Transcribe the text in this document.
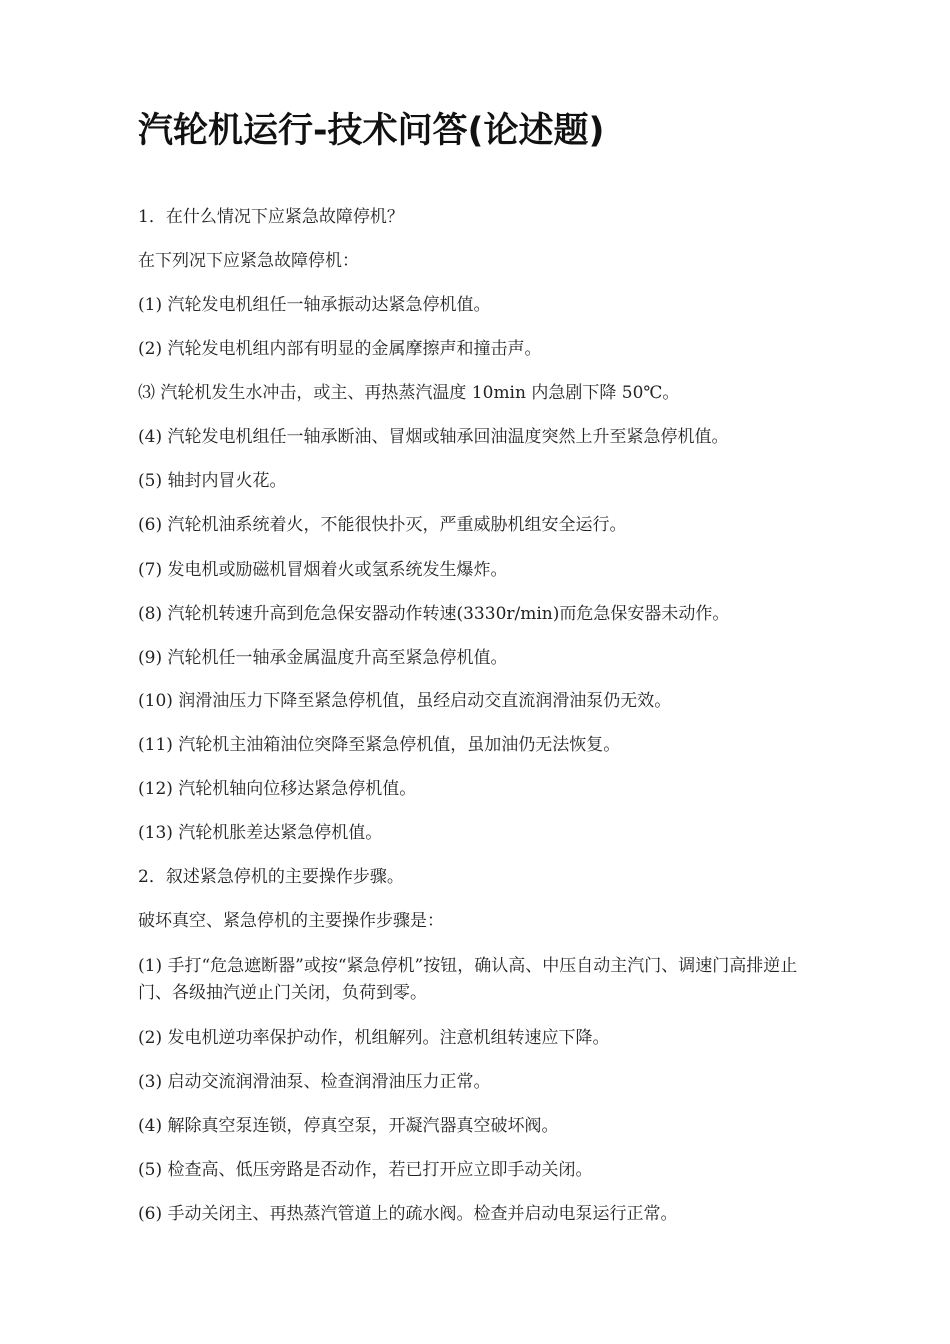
汽轮机运行-技术问答(论述题)

1．在什么情况下应紧急故障停机？

在下列况下应紧急故障停机：

(1) 汽轮发电机组任一轴承振动达紧急停机值。

(2) 汽轮发电机组内部有明显的金属摩擦声和撞击声。

⑶ 汽轮机发生水冲击，或主、再热蒸汽温度 10min 内急剧下降 50℃。

(4) 汽轮发电机组任一轴承断油、冒烟或轴承回油温度突然上升至紧急停机值。

(5) 轴封内冒火花。

(6) 汽轮机油系统着火，不能很快扑灭，严重威胁机组安全运行。

(7) 发电机或励磁机冒烟着火或氢系统发生爆炸。

(8) 汽轮机转速升高到危急保安器动作转速(3330r/min)而危急保安器未动作。

(9) 汽轮机任一轴承金属温度升高至紧急停机值。

(10) 润滑油压力下降至紧急停机值，虽经启动交直流润滑油泵仍无效。

(11) 汽轮机主油箱油位突降至紧急停机值，虽加油仍无法恢复。

(12) 汽轮机轴向位移达紧急停机值。

(13) 汽轮机胀差达紧急停机值。

2．叙述紧急停机的主要操作步骤。

破坏真空、紧急停机的主要操作步骤是：

(1) 手打“危急遮断器”或按“紧急停机”按钮，确认高、中压自动主汽门、调速门高排逆止门、各级抽汽逆止门关闭，负荷到零。

(2) 发电机逆功率保护动作，机组解列。注意机组转速应下降。

(3) 启动交流润滑油泵、检查润滑油压力正常。

(4) 解除真空泵连锁，停真空泵，开凝汽器真空破坏阀。

(5) 检查高、低压旁路是否动作，若已打开应立即手动关闭。

(6) 手动关闭主、再热蒸汽管道上的疏水阀。检查并启动电泵运行正常。
